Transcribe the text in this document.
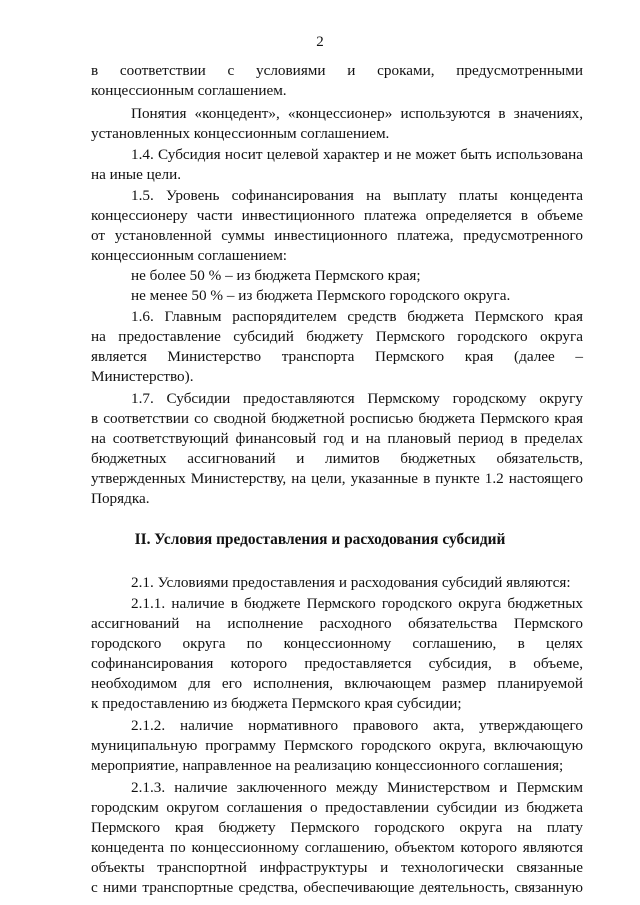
2
в соответствии с условиями и сроками, предусмотренными
концессионным соглашением.
Понятия «концедент», «концессионер» используются в значениях,
установленных концессионным соглашением.
1.4. Субсидия носит целевой характер и не может быть использована
на иные цели.
1.5. Уровень софинансирования на выплату платы концедента
концессионеру части инвестиционного платежа определяется в объеме
от установленной суммы инвестиционного платежа, предусмотренного
концессионным соглашением:
не более 50 % – из бюджета Пермского края;
не менее 50 % – из бюджета Пермского городского округа.
1.6. Главным распорядителем средств бюджета Пермского края
на предоставление субсидий бюджету Пермского городского округа
является Министерство транспорта Пермского края (далее –
Министерство).
1.7. Субсидии предоставляются Пермскому городскому округу
в соответствии со сводной бюджетной росписью бюджета Пермского края
на соответствующий финансовый год и на плановый период в пределах
бюджетных ассигнований и лимитов бюджетных обязательств,
утвержденных Министерству, на цели, указанные в пункте 1.2 настоящего
Порядка.
II. Условия предоставления и расходования субсидий
2.1. Условиями предоставления и расходования субсидий являются:
2.1.1. наличие в бюджете Пермского городского округа бюджетных
ассигнований на исполнение расходного обязательства Пермского
городского округа по концессионному соглашению, в целях
софинансирования которого предоставляется субсидия, в объеме,
необходимом для его исполнения, включающем размер планируемой
к предоставлению из бюджета Пермского края субсидии;
2.1.2. наличие нормативного правового акта, утверждающего
муниципальную программу Пермского городского округа, включающую
мероприятие, направленное на реализацию концессионного соглашения;
2.1.3. наличие заключенного между Министерством и Пермским
городским округом соглашения о предоставлении субсидии из бюджета
Пермского края бюджету Пермского городского округа на плату
концедента по концессионному соглашению, объектом которого являются
объекты транспортной инфраструктуры и технологически связанные
с ними транспортные средства, обеспечивающие деятельность, связанную
